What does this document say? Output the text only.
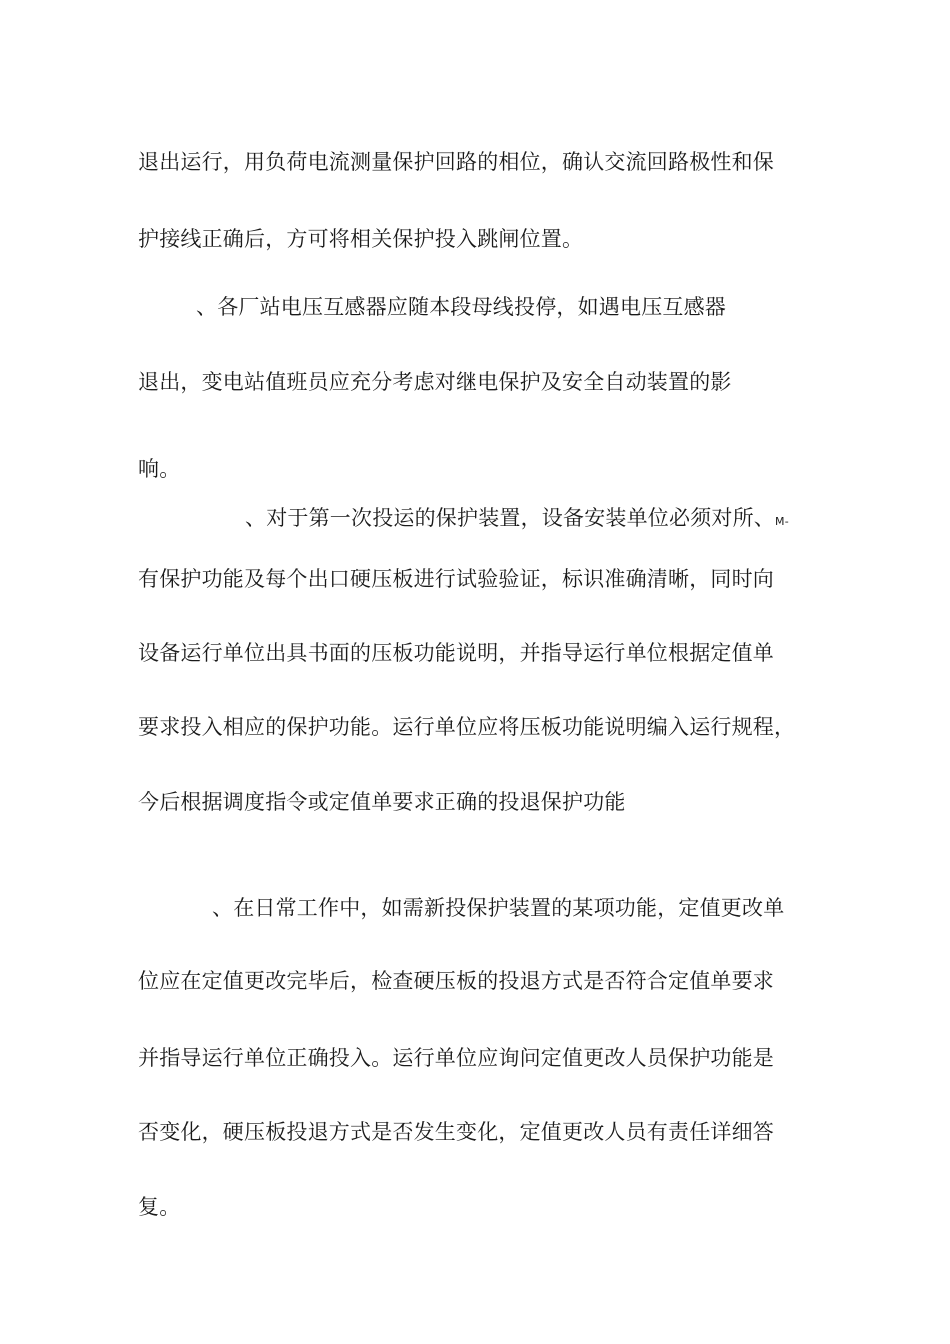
退出运行，用负荷电流测量保护回路的相位，确认交流回路极性和保
护接线正确后，方可将相关保护投入跳闸位置。
、各厂站电压互感器应随本段母线投停，如遇电压互感器
退出，变电站值班员应充分考虑对继电保护及安全自动装置的影
响。
、对于第一次投运的保护装置，设备安装单位必须对所、M-
有保护功能及每个出口硬压板进行试验验证，标识准确清晰，同时向
设备运行单位出具书面的压板功能说明，并指导运行单位根据定值单
要求投入相应的保护功能。运行单位应将压板功能说明编入运行规程，
今后根据调度指令或定值单要求正确的投退保护功能
、在日常工作中，如需新投保护装置的某项功能，定值更改单
位应在定值更改完毕后，检查硬压板的投退方式是否符合定值单要求
并指导运行单位正确投入。运行单位应询问定值更改人员保护功能是
否变化，硬压板投退方式是否发生变化，定值更改人员有责任详细答
复。
